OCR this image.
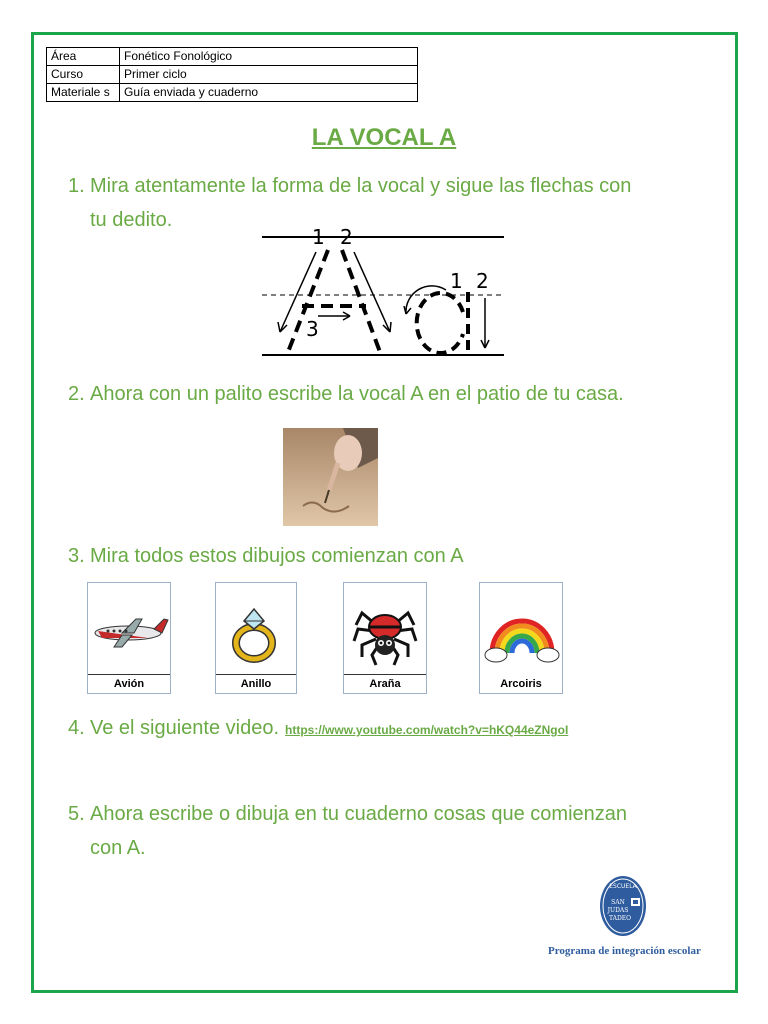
Área	Fonético Fonológico
Curso	Primer ciclo
Materiale s	Guía enviada y cuaderno
LA VOCAL A
1. Mira atentamente la forma de la vocal y sigue las flechas con
tu dedito.
1 2
3
1 2
2. Ahora con un palito escribe la vocal A en el patio de tu casa.
3. Mira todos estos dibujos comienzan con A
Avión	Anillo	Araña	Arcoiris
4. Ve el siguiente video. https://www.youtube.com/watch?v=hKQ44eZNgoI
5. Ahora escribe o dibuja en tu cuaderno cosas que comienzan
con A.
ESCUELA
SAN
JUDAS
TADEO
Programa de integración escolar
